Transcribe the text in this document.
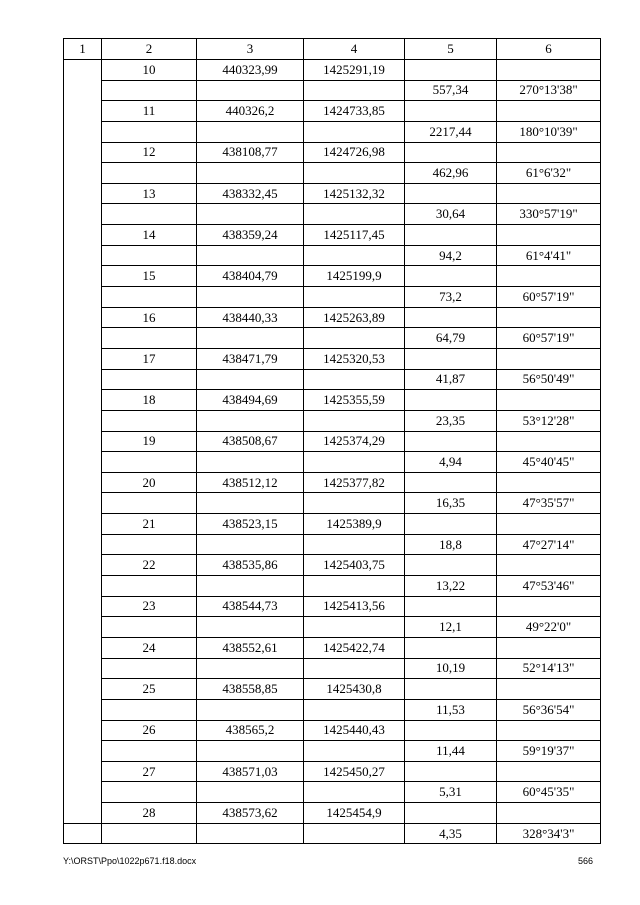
1	2	3	4	5	6
	10	440323,99	1425291,19		
				557,34	270°13'38"
	11	440326,2	1424733,85		
				2217,44	180°10'39"
	12	438108,77	1424726,98		
				462,96	61°6'32"
	13	438332,45	1425132,32		
				30,64	330°57'19"
	14	438359,24	1425117,45		
				94,2	61°4'41"
	15	438404,79	1425199,9		
				73,2	60°57'19"
	16	438440,33	1425263,89		
				64,79	60°57'19"
	17	438471,79	1425320,53		
				41,87	56°50'49"
	18	438494,69	1425355,59		
				23,35	53°12'28"
	19	438508,67	1425374,29		
				4,94	45°40'45"
	20	438512,12	1425377,82		
				16,35	47°35'57"
	21	438523,15	1425389,9		
				18,8	47°27'14"
	22	438535,86	1425403,75		
				13,22	47°53'46"
	23	438544,73	1425413,56		
				12,1	49°22'0"
	24	438552,61	1425422,74		
				10,19	52°14'13"
	25	438558,85	1425430,8		
				11,53	56°36'54"
	26	438565,2	1425440,43		
				11,44	59°19'37"
	27	438571,03	1425450,27		
				5,31	60°45'35"
	28	438573,62	1425454,9		
				4,35	328°34'3"
Y:\ORST\Ppo\1022p671.f18.docx	566
